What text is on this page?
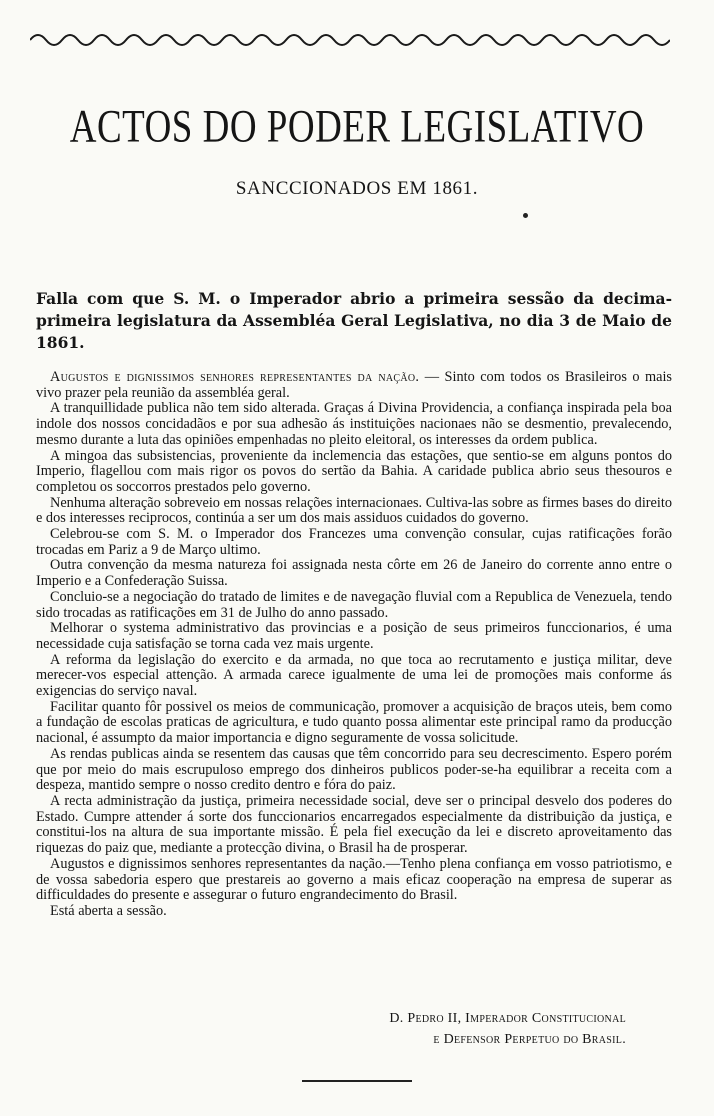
ACTOS DO PODER LEGISLATIVO
SANCCIONADOS EM 1861.

Falla com que S. M. o Imperador abrio a primeira sessão da decima-primeira legislatura da Assembléa Geral Legislativa, no dia 3 de Maio de 1861.

Augustos e dignissimos senhores representantes da nação. — Sinto com todos os Brasileiros o mais vivo prazer pela reunião da assembléa geral.

A tranquillidade publica não tem sido alterada. Graças á Divina Providencia, a confiança inspirada pela boa indole dos nossos concidadãos e por sua adhesão ás instituições nacionaes não se desmentio, prevalecendo, mesmo durante a luta das opiniões empenhadas no pleito eleitoral, os interesses da ordem publica.

A mingoa das subsistencias, proveniente da inclemencia das estações, que sentio-se em alguns pontos do Imperio, flagellou com mais rigor os povos do sertão da Bahia. A caridade publica abrio seus thesouros e completou os soccorros prestados pelo governo.

Nenhuma alteração sobreveio em nossas relações internacionaes. Cultiva-las sobre as firmes bases do direito e dos interesses reciprocos, continúa a ser um dos mais assiduos cuidados do governo.

Celebrou-se com S. M. o Imperador dos Francezes uma convenção consular, cujas ratificações forão trocadas em Pariz a 9 de Março ultimo.

Outra convenção da mesma natureza foi assignada nesta côrte em 26 de Janeiro do corrente anno entre o Imperio e a Confederação Suissa.

Concluio-se a negociação do tratado de limites e de navegação fluvial com a Republica de Venezuela, tendo sido trocadas as ratificações em 31 de Julho do anno passado.

Melhorar o systema administrativo das provincias e a posição de seus primeiros funccionarios, é uma necessidade cuja satisfação se torna cada vez mais urgente.

A reforma da legislação do exercito e da armada, no que toca ao recrutamento e justiça militar, deve merecer-vos especial attenção. A armada carece igualmente de uma lei de promoções mais conforme ás exigencias do serviço naval.

Facilitar quanto fôr possivel os meios de communicação, promover a acquisição de braços uteis, bem como a fundação de escolas praticas de agricultura, e tudo quanto possa alimentar este principal ramo da producção nacional, é assumpto da maior importancia e digno seguramente de vossa solicitude.

As rendas publicas ainda se resentem das causas que têm concorrido para seu decrescimento. Espero porém que por meio do mais escrupuloso emprego dos dinheiros publicos poder-se-ha equilibrar a receita com a despeza, mantido sempre o nosso credito dentro e fóra do paiz.

A recta administração da justiça, primeira necessidade social, deve ser o principal desvelo dos poderes do Estado. Cumpre attender á sorte dos funccionarios encarregados especialmente da distribuição da justiça, e constitui-los na altura de sua importante missão. É pela fiel execução da lei e discreto aproveitamento das riquezas do paiz que, mediante a protecção divina, o Brasil ha de prosperar.

Augustos e dignissimos senhores representantes da nação.—Tenho plena confiança em vosso patriotismo, e de vossa sabedoria espero que prestareis ao governo a mais eficaz cooperação na empresa de superar as difficuldades do presente e assegurar o futuro engrandecimento do Brasil.

Está aberta a sessão.

D. Pedro II, Imperador Constitucional
e Defensor Perpetuo do Brasil.
